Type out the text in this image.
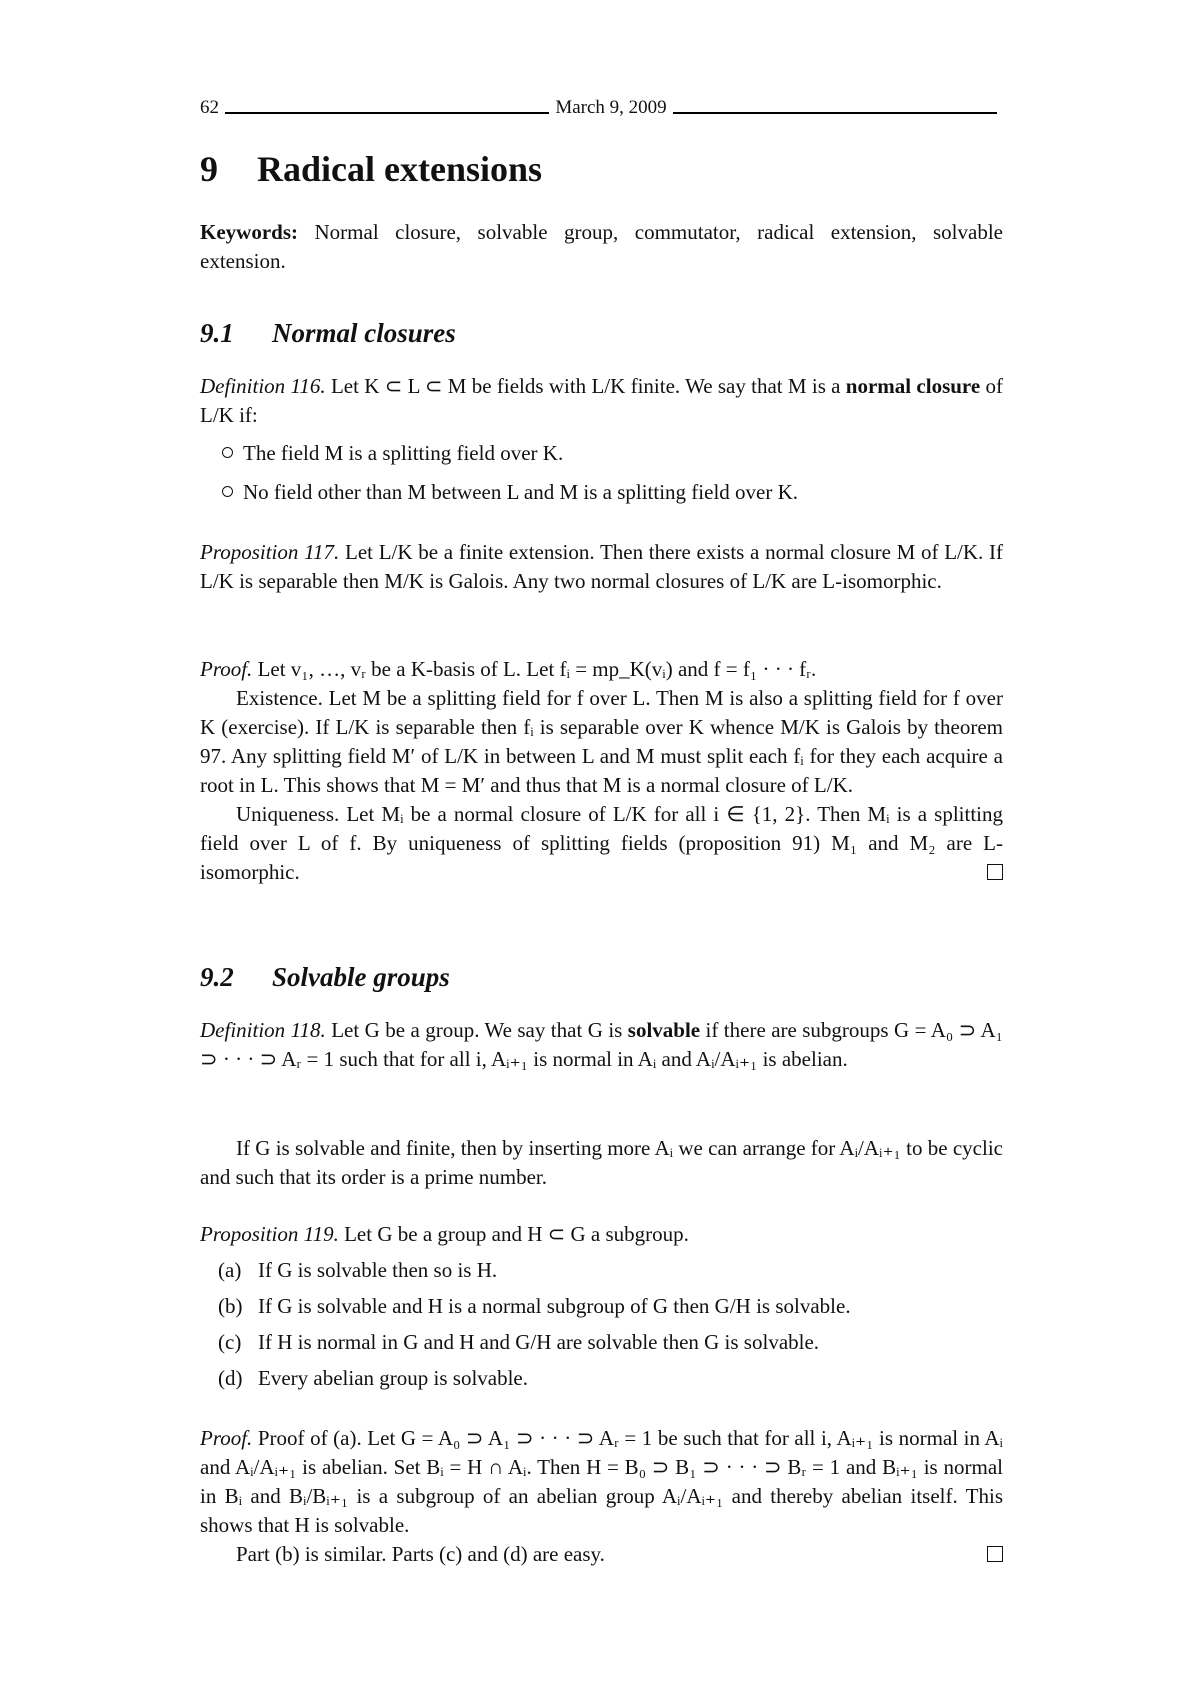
62	March 9, 2009
9 Radical extensions
Keywords: Normal closure, solvable group, commutator, radical extension, solvable extension.
9.1 Normal closures
Definition 116. Let K ⊂ L ⊂ M be fields with L/K finite. We say that M is a normal closure of L/K if:
The field M is a splitting field over K.
No field other than M between L and M is a splitting field over K.
Proposition 117. Let L/K be a finite extension. Then there exists a normal closure M of L/K. If L/K is separable then M/K is Galois. Any two normal closures of L/K are L-isomorphic.
Proof. Let v₁, …, vᵣ be a K-basis of L. Let fᵢ = mp_K(vᵢ) and f = f₁ · · · fᵣ.
Existence. Let M be a splitting field for f over L. Then M is also a splitting field for f over K (exercise). If L/K is separable then fᵢ is separable over K whence M/K is Galois by theorem 97. Any splitting field M′ of L/K in between L and M must split each fᵢ for they each acquire a root in L. This shows that M = M′ and thus that M is a normal closure of L/K.
Uniqueness. Let Mᵢ be a normal closure of L/K for all i ∈ {1, 2}. Then Mᵢ is a splitting field over L of f. By uniqueness of splitting fields (proposition 91) M₁ and M₂ are L-isomorphic.
9.2 Solvable groups
Definition 118. Let G be a group. We say that G is solvable if there are subgroups G = A₀ ⊃ A₁ ⊃ · · · ⊃ Aᵣ = 1 such that for all i, Aᵢ₊₁ is normal in Aᵢ and Aᵢ/Aᵢ₊₁ is abelian.
If G is solvable and finite, then by inserting more Aᵢ we can arrange for Aᵢ/Aᵢ₊₁ to be cyclic and such that its order is a prime number.
Proposition 119. Let G be a group and H ⊂ G a subgroup.
(a) If G is solvable then so is H.
(b) If G is solvable and H is a normal subgroup of G then G/H is solvable.
(c) If H is normal in G and H and G/H are solvable then G is solvable.
(d) Every abelian group is solvable.
Proof. Proof of (a). Let G = A₀ ⊃ A₁ ⊃ · · · ⊃ Aᵣ = 1 be such that for all i, Aᵢ₊₁ is normal in Aᵢ and Aᵢ/Aᵢ₊₁ is abelian. Set Bᵢ = H ∩ Aᵢ. Then H = B₀ ⊃ B₁ ⊃ · · · ⊃ Bᵣ = 1 and Bᵢ₊₁ is normal in Bᵢ and Bᵢ/Bᵢ₊₁ is a subgroup of an abelian group Aᵢ/Aᵢ₊₁ and thereby abelian itself. This shows that H is solvable.
Part (b) is similar. Parts (c) and (d) are easy.
